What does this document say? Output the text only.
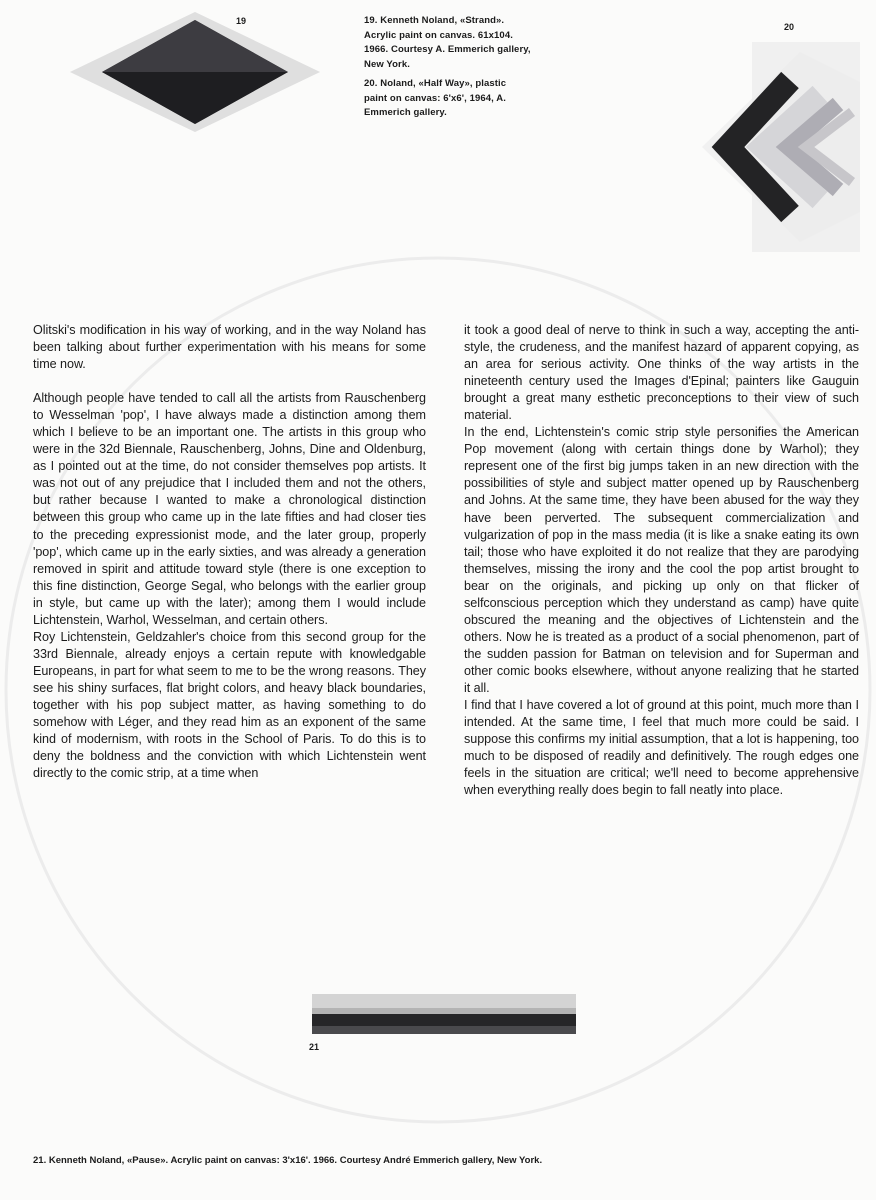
19	19. Kenneth Noland, «Strand». Acrylic paint on canvas. 61x104. 1966. Courtesy A. Emmerich gallery, New York.

20. Noland, «Half Way», plastic paint on canvas: 6'x6', 1964, A. Emmerich gallery.

20

Olitski's modification in his way of working, and in the way Noland has been talking about further experimentation with his means for some time now.

Although people have tended to call all the artists from Rauschenberg to Wesselman 'pop', I have always made a distinction among them which I believe to be an important one. The artists in this group who were in the 32d Biennale, Rauschenberg, Johns, Dine and Oldenburg, as I pointed out at the time, do not consider themselves pop artists. It was not out of any prejudice that I included them and not the others, but rather because I wanted to make a chronological distinction between this group who came up in the late fifties and had closer ties to the preceding expressionist mode, and the later group, properly 'pop', which came up in the early sixties, and was already a generation removed in spirit and attitude toward style (there is one exception to this fine distinction, George Segal, who belongs with the earlier group in style, but came up with the later); among them I would include Lichtenstein, Warhol, Wesselman, and certain others.

Roy Lichtenstein, Geldzahler's choice from this second group for the 33rd Biennale, already enjoys a certain repute with knowledgable Europeans, in part for what seem to me to be the wrong reasons. They see his shiny surfaces, flat bright colors, and heavy black boundaries, together with his pop subject matter, as having something to do somehow with Léger, and they read him as an exponent of the same kind of modernism, with roots in the School of Paris. To do this is to deny the boldness and the conviction with which Lichtenstein went directly to the comic strip, at a time when

it took a good deal of nerve to think in such a way, accepting the anti-style, the crudeness, and the manifest hazard of apparent copying, as an area for serious activity. One thinks of the way artists in the nineteenth century used the Images d'Epinal; painters like Gauguin brought a great many esthetic preconceptions to their view of such material.

In the end, Lichtenstein's comic strip style personifies the American Pop movement (along with certain things done by Warhol); they represent one of the first big jumps taken in an new direction with the possibilities of style and subject matter opened up by Rauschenberg and Johns. At the same time, they have been abused for the way they have been perverted. The subsequent commercialization and vulgarization of pop in the mass media (it is like a snake eating its own tail; those who have exploited it do not realize that they are parodying themselves, missing the irony and the cool the pop artist brought to bear on the originals, and picking up only on that flicker of selfconscious perception which they understand as camp) have quite obscured the meaning and the objectives of Lichtenstein and the others. Now he is treated as a product of a social phenomenon, part of the sudden passion for Batman on television and for Superman and other comic books elsewhere, without anyone realizing that he started it all.

I find that I have covered a lot of ground at this point, much more than I intended. At the same time, I feel that much more could be said. I suppose this confirms my initial assumption, that a lot is happening, too much to be disposed of readily and definitively. The rough edges one feels in the situation are critical; we'll need to become apprehensive when everything really does begin to fall neatly into place.

21
21. Kenneth Noland, «Pause». Acrylic paint on canvas: 3'x16'. 1966. Courtesy André Emmerich gallery, New York.
